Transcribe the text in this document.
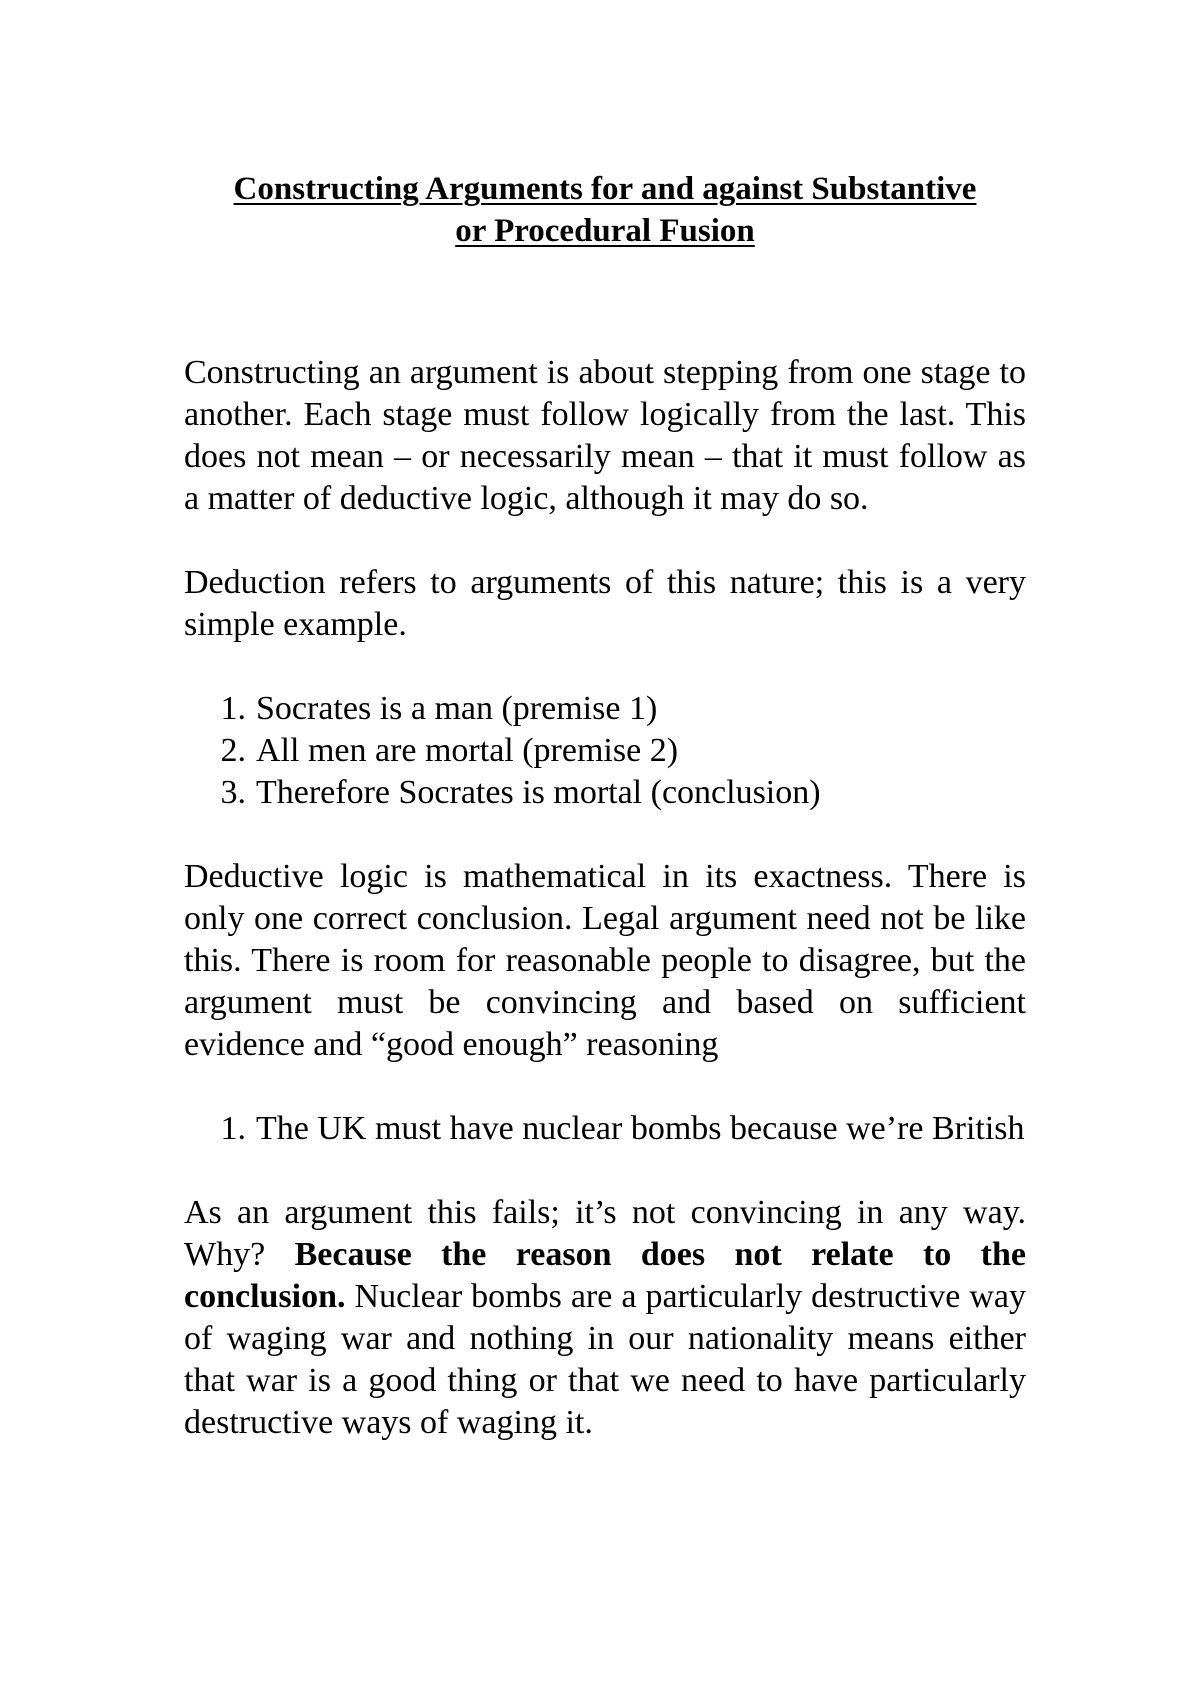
Constructing Arguments for and against Substantive
or Procedural Fusion

Constructing an argument is about stepping from one stage to another. Each stage must follow logically from the last. This does not mean – or necessarily mean – that it must follow as a matter of deductive logic, although it may do so.

Deduction refers to arguments of this nature; this is a very simple example.

1. Socrates is a man (premise 1)
2. All men are mortal (premise 2)
3. Therefore Socrates is mortal (conclusion)

Deductive logic is mathematical in its exactness. There is only one correct conclusion. Legal argument need not be like this. There is room for reasonable people to disagree, but the argument must be convincing and based on sufficient evidence and “good enough” reasoning

1. The UK must have nuclear bombs because we’re British

As an argument this fails; it’s not convincing in any way. Why? Because the reason does not relate to the conclusion. Nuclear bombs are a particularly destructive way of waging war and nothing in our nationality means either that war is a good thing or that we need to have particularly destructive ways of waging it.
